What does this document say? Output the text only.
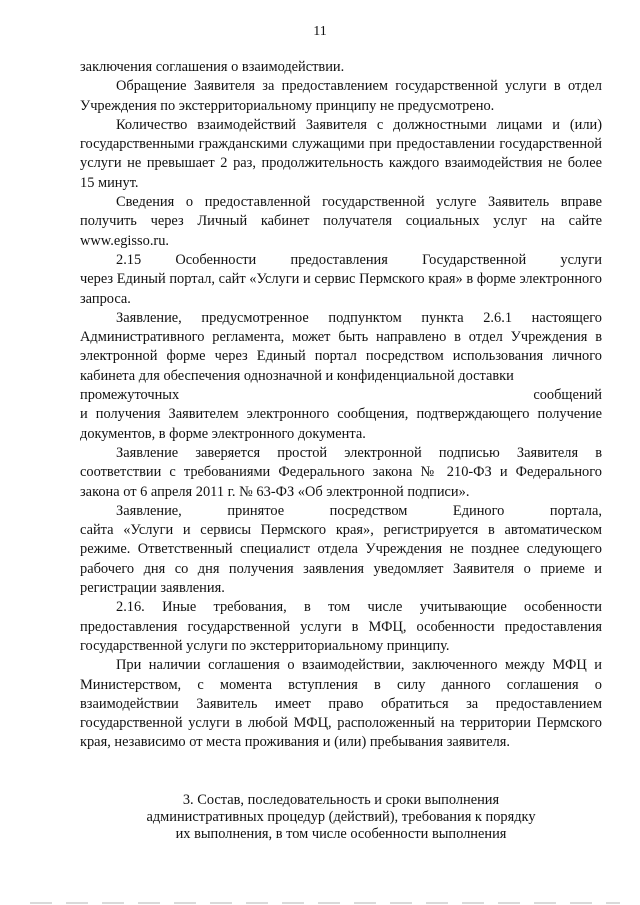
11

заключения соглашения о взаимодействии.

Обращение Заявителя за предоставлением государственной услуги в отдел Учреждения по экстерриториальному принципу не предусмотрено.

Количество взаимодействий Заявителя с должностными лицами и (или) государственными гражданскими служащими при предоставлении государственной услуги не превышает 2 раз, продолжительность каждого взаимодействия не более 15 минут.

Сведения о предоставленной государственной услуге Заявитель вправе получить через Личный кабинет получателя социальных услуг на сайте www.egisso.ru.

2.15 Особенности предоставления Государственной услуги

через Единый портал, сайт «Услуги и сервис Пермского края» в форме электронного запроса.

Заявление, предусмотренное подпунктом пункта 2.6.1 настоящего Административного регламента, может быть направлено в отдел Учреждения в электронной форме через Единый портал посредством использования личного кабинета для обеспечения однозначной и конфиденциальной доставки

промежуточных	сообщений

и получения Заявителем электронного сообщения, подтверждающего получение документов, в форме электронного документа.

Заявление заверяется простой электронной подписью Заявителя в соответствии с требованиями Федерального закона № 210-ФЗ и Федерального закона от 6 апреля 2011 г. № 63-ФЗ «Об электронной подписи».

Заявление,	принятое	посредством	Единого	портала,

сайта «Услуги и сервисы Пермского края», регистрируется в автоматическом режиме. Ответственный специалист отдела Учреждения не позднее следующего рабочего дня со дня получения заявления уведомляет Заявителя о приеме и регистрации заявления.

2.16. Иные требования, в том числе учитывающие особенности предоставления государственной услуги в МФЦ, особенности предоставления государственной услуги по экстерриториальному принципу.

При наличии соглашения о взаимодействии, заключенного между МФЦ и Министерством, с момента вступления в силу данного соглашения о взаимодействии Заявитель имеет право обратиться за предоставлением государственной услуги в любой МФЦ, расположенный на территории Пермского края, независимо от места проживания и (или) пребывания заявителя.

3. Состав, последовательность и сроки выполнения
административных процедур (действий), требования к порядку
их выполнения, в том числе особенности выполнения
